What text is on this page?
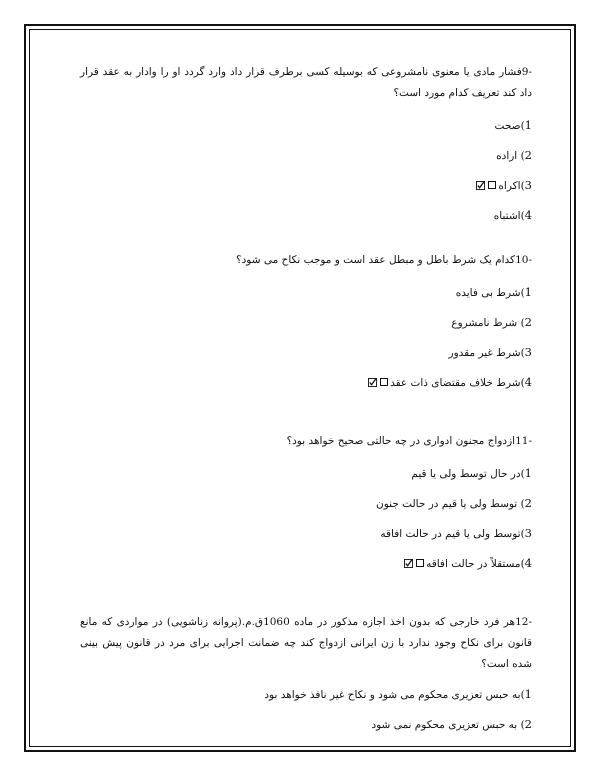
-9فشار مادی یا معنوی نامشروعی که بوسیله کسی برطرف قرار داد وارد گردد او را وادار به عقد قرار داد کند تعریف کدام مورد است؟

1)صحت

2) اراده

3)اکراه

4)اشتباه

-10کدام یک شرط باطل و مبطل عقد است و موجب نکاح می شود؟

1)شرط بی فایده

2) شرط نامشروع

3)شرط غیر مقدور

4)شرط خلاف مقتضای ذات عقد

-11ازدواج مجنون ادواری در چه حالتی صحیح خواهد بود؟

1)در حال توسط ولی یا قیم

2) توسط ولی یا قیم در حالت جنون

3)توسط ولی یا قیم در حالت افاقه

4)مستقلاً در حالت افاقه

-12هر فرد خارجی که بدون اخذ اجازه مذکور در ماده 1060ق.م.(پروانه زناشویی) در مواردی که مانع قانون برای نکاح وجود ندارد با زن ایرانی ازدواج کند چه ضمانت اجرایی برای مرد در قانون پیش بینی شده است؟

1)به حبس تعزیری محکوم می شود و نکاح غیر نافذ خواهد بود

2) به حبس تعزیری محکوم نمی شود
